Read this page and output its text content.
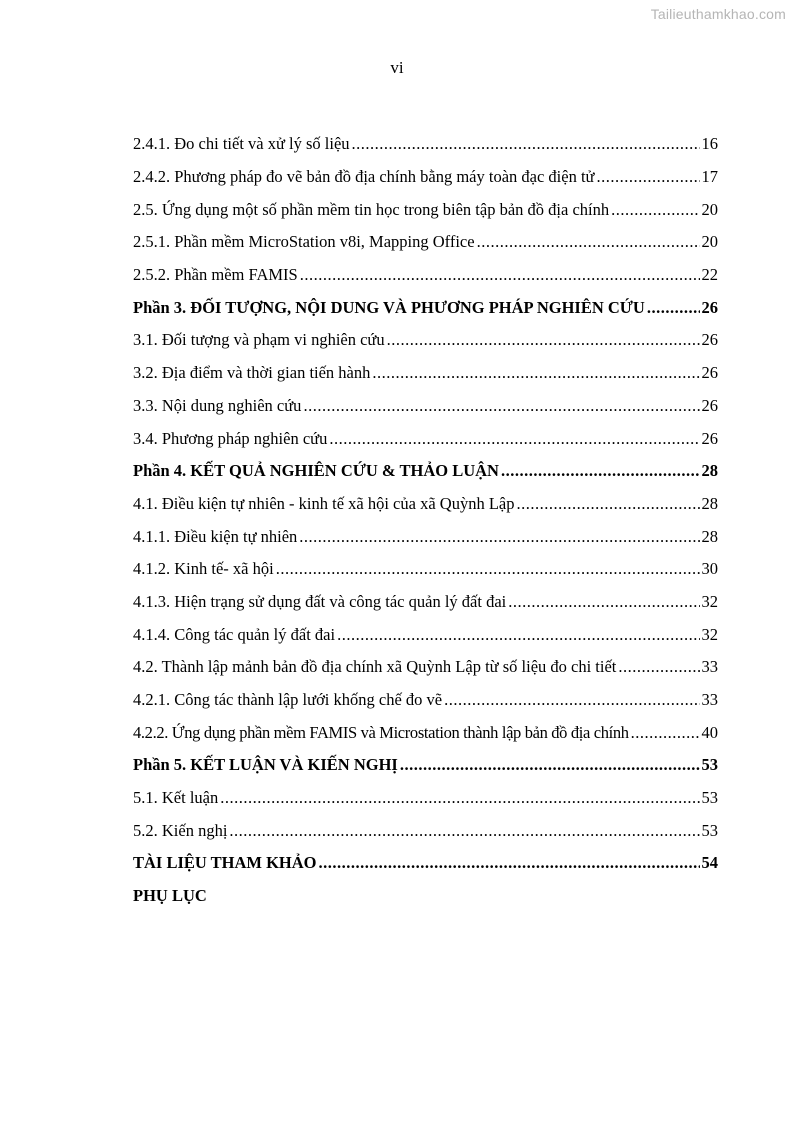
Tailieuthamkhao.com
vi
2.4.1. Đo chi tiết và xử lý số liệu .....	16
2.4.2. Phương pháp đo vẽ bản đồ địa chính bằng máy toàn đạc điện tử .....	17
2.5. Ứng dụng một số phần mềm tin học trong biên tập bản đồ địa chính .....	20
2.5.1. Phần mềm MicroStation v8i, Mapping Office .....	20
2.5.2. Phần mềm FAMIS .....	22
Phần 3. ĐỐI TƯỢNG, NỘI DUNG VÀ PHƯƠNG PHÁP NGHIÊN CỨU .....	26
3.1. Đối tượng và phạm vi nghiên cứu .....	26
3.2. Địa điểm và thời gian tiến hành .....	26
3.3. Nội dung nghiên cứu .....	26
3.4. Phương pháp nghiên cứu .....	26
Phần 4. KẾT QUẢ NGHIÊN CỨU & THẢO LUẬN .....	28
4.1. Điều kiện tự nhiên - kinh tế xã hội của xã Quỳnh Lập .....	28
4.1.1. Điều kiện tự nhiên .....	28
4.1.2. Kinh tế- xã hội .....	30
4.1.3. Hiện trạng sử dụng đất và công tác quản lý đất đai .....	32
4.1.4. Công tác quản lý đất đai .....	32
4.2. Thành lập mảnh bản đồ địa chính xã Quỳnh Lập từ số liệu đo chi tiết .....	33
4.2.1. Công tác thành lập lưới khống chế đo vẽ .....	33
4.2.2. Ứng dụng phần mềm FAMIS và Microstation thành lập bản đồ địa chính .....	40
Phần 5. KẾT LUẬN VÀ KIẾN NGHỊ .....	53
5.1. Kết luận .....	53
5.2. Kiến nghị .....	53
TÀI LIỆU THAM KHẢO .....	54
PHỤ LỤC
